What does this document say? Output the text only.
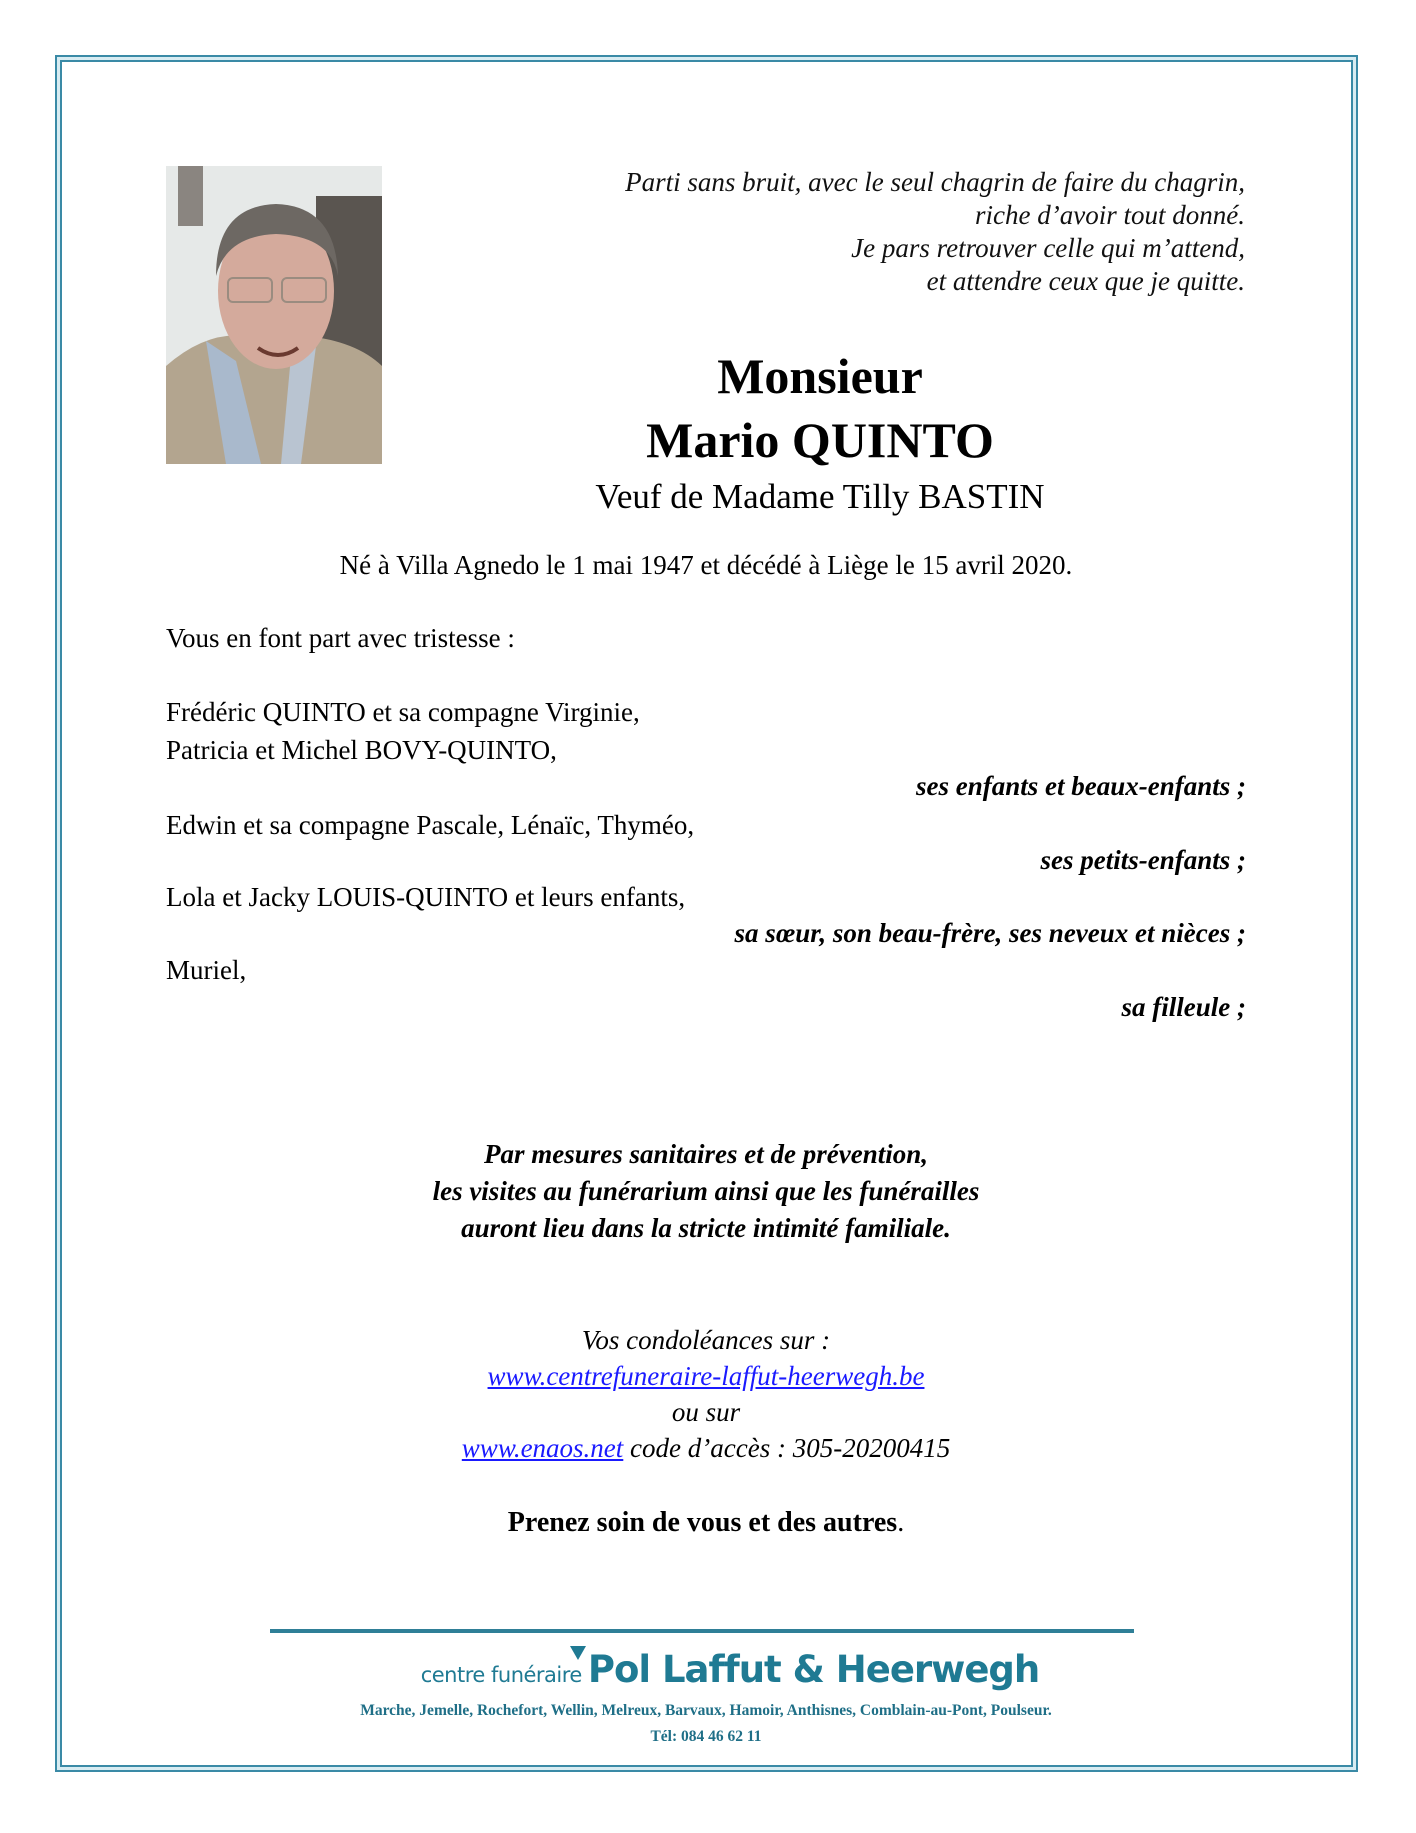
Parti sans bruit, avec le seul chagrin de faire du chagrin,
riche d’avoir tout donné.
Je pars retrouver celle qui m’attend,
et attendre ceux que je quitte.
Monsieur
Mario QUINTO
Veuf de Madame Tilly BASTIN
Né à Villa Agnedo le 1 mai 1947 et décédé à Liège le 15 avril 2020.
Vous en font part avec tristesse :
Frédéric QUINTO et sa compagne Virginie,
Patricia et Michel BOVY-QUINTO,
ses enfants et beaux-enfants ;
Edwin et sa compagne Pascale, Lénaïc, Thyméo,
ses petits-enfants ;
Lola et Jacky LOUIS-QUINTO et leurs enfants,
sa sœur, son beau-frère, ses neveux et nièces ;
Muriel,
sa filleule ;
Par mesures sanitaires et de prévention,
les visites au funérarium ainsi que les funérailles
auront lieu dans la stricte intimité familiale.
Vos condoléances sur :
www.centrefuneraire-laffut-heerwegh.be
ou sur
www.enaos.net code d’accès : 305-20200415
Prenez soin de vous et des autres.
centre funéraire Pol Laffut & Heerwegh
Marche, Jemelle, Rochefort, Wellin, Melreux, Barvaux, Hamoir, Anthisnes, Comblain-au-Pont, Poulseur.
Tél: 084 46 62 11
